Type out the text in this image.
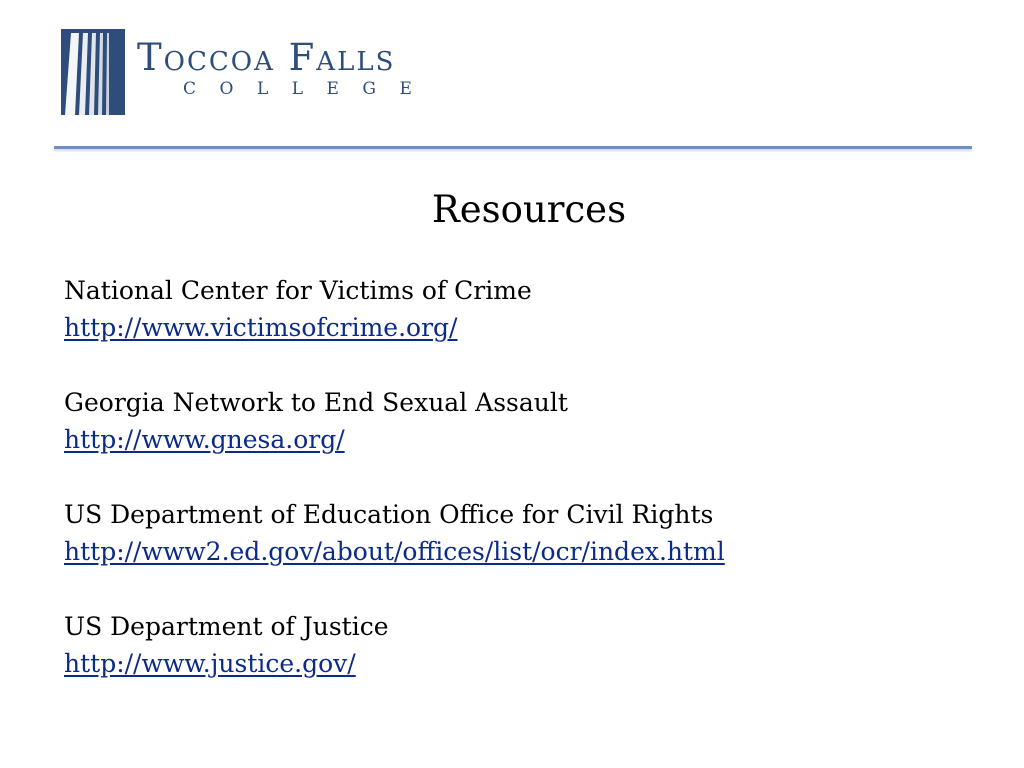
Toccoa Falls
COLLEGE
Resources
National Center for Victims of Crime
http://www.victimsofcrime.org/
Georgia Network to End Sexual Assault
http://www.gnesa.org/
US Department of Education Office for Civil Rights
http://www2.ed.gov/about/offices/list/ocr/index.html
US Department of Justice
http://www.justice.gov/
